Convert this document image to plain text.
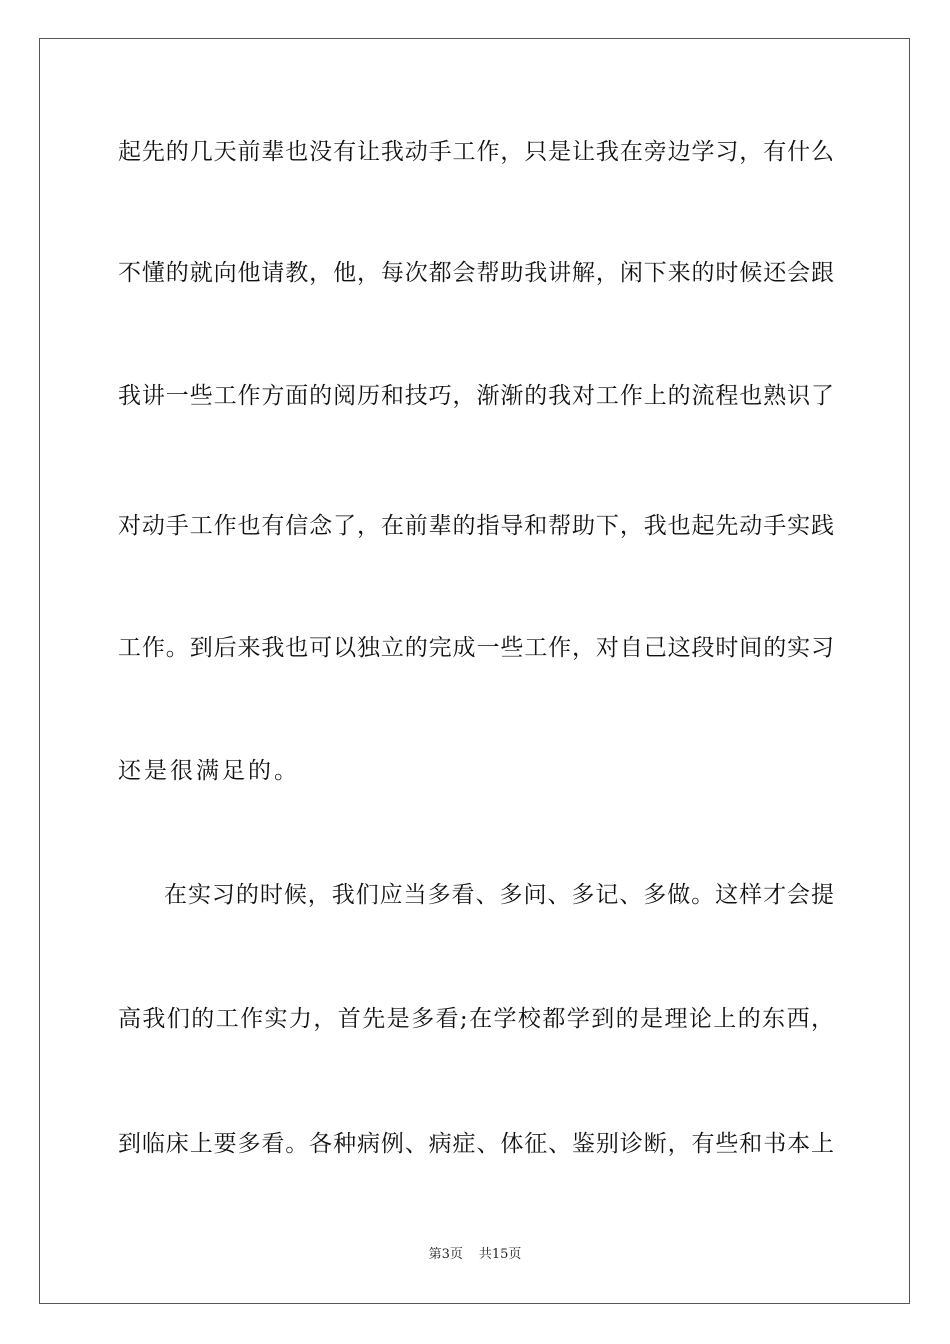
起先的几天前辈也没有让我动手工作，只是让我在旁边学习，有什么
不懂的就向他请教，他，每次都会帮助我讲解，闲下来的时候还会跟
我讲一些工作方面的阅历和技巧，渐渐的我对工作上的流程也熟识了
对动手工作也有信念了，在前辈的指导和帮助下，我也起先动手实践
工作。到后来我也可以独立的完成一些工作，对自己这段时间的实习
还是很满足的。
在实习的时候，我们应当多看、多问、多记、多做。这样才会提
高我们的工作实力，首先是多看;在学校都学到的是理论上的东西，
到临床上要多看。各种病例、病症、体征、鉴别诊断，有些和书本上
第3页 共15页
